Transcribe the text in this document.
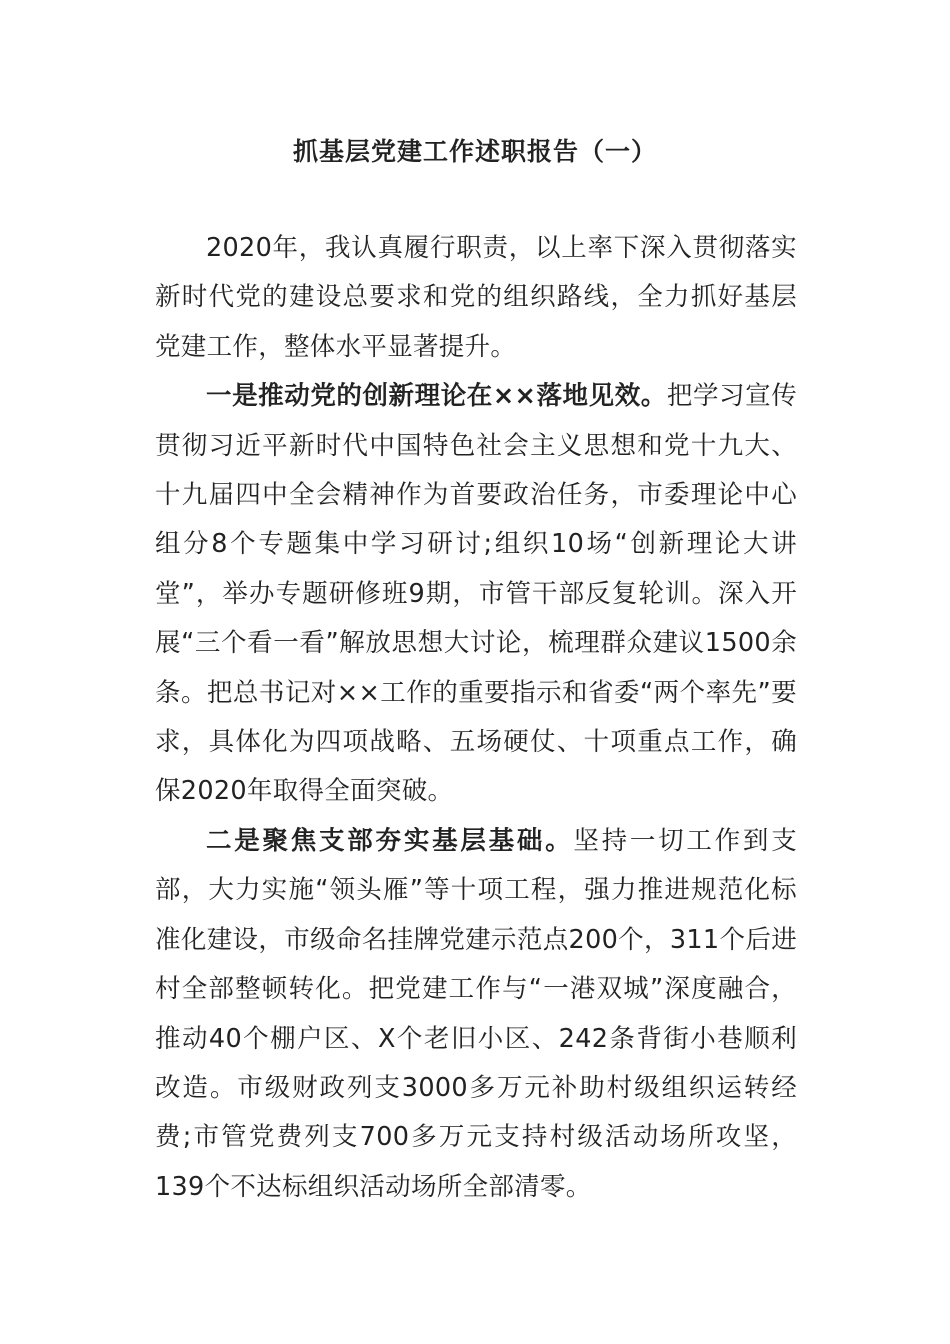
抓基层党建工作述职报告（一）

2020年，我认真履行职责，以上率下深入贯彻落实新时代党的建设总要求和党的组织路线，全力抓好基层党建工作，整体水平显著提升。

一是推动党的创新理论在××落地见效。把学习宣传贯彻习近平新时代中国特色社会主义思想和党十九大、十九届四中全会精神作为首要政治任务，市委理论中心组分8个专题集中学习研讨;组织10场“创新理论大讲堂”，举办专题研修班9期，市管干部反复轮训。深入开展“三个看一看”解放思想大讨论，梳理群众建议1500余条。把总书记对××工作的重要指示和省委“两个率先”要求，具体化为四项战略、五场硬仗、十项重点工作，确保2020年取得全面突破。

二是聚焦支部夯实基层基础。坚持一切工作到支部，大力实施“领头雁”等十项工程，强力推进规范化标准化建设，市级命名挂牌党建示范点200个，311个后进村全部整顿转化。把党建工作与“一港双城”深度融合，推动40个棚户区、X个老旧小区、242条背街小巷顺利改造。市级财政列支3000多万元补助村级组织运转经费;市管党费列支700多万元支持村级活动场所攻坚，139个不达标组织活动场所全部清零。
